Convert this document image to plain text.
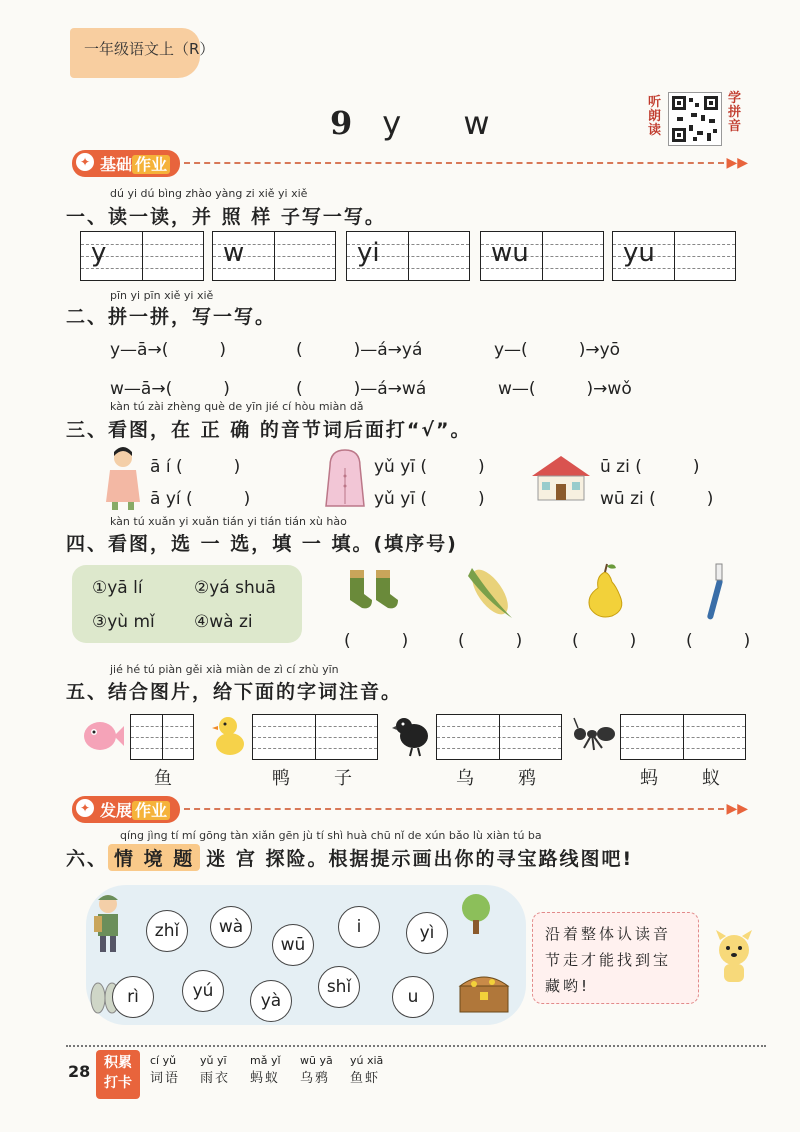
一年级语文上（R）
9 y w
听朗读
学拼音
✦ 基础 作业	▶▶
dú yi dú bìng zhào yàng zi xiě yi xiě
一、读一读，并 照 样 子写一写。
y	w	yi	wu	yu
pīn yi pīn xiě yi xiě
二、拼一拼，写一写。
y—ā→(　　　)	(　　　)—á→yá	y—(　　　)→yō
w—ā→(　　　)	(　　　)—á→wá	w—(　　　)→wǒ
kàn tú zài zhèng què de yīn jié cí hòu miàn dǎ
三、看图，在 正 确 的音节词后面打“√”。
ā í (　　　)
ā yí (　　　)
yǔ yī (　　　)
yǔ yī (　　　)
ū zi (　　　)
wū zi (　　　)
kàn tú xuǎn yi xuǎn tián yi tián tián xù hào
四、看图，选 一 选，填 一 填。(填序号)
①yā lí	②yá shuā
③yù mǐ ④wà zi
(　　　)	(　　　)	(　　　)	(　　　)
jié hé tú piàn gěi xià miàn de zì cí zhù yīn
五、结合图片，给下面的字词注音。
鱼	鸭 子	乌 鸦	蚂 蚁
✦ 发展 作业	▶▶
qíng jìng tí mí gōng tàn xiǎn gēn jù tí shì huà chū nǐ de xún bǎo lù xiàn tú ba
六、 情 境 题 迷 宫 探险。根据提示画出你的寻宝路线图吧!
zhǐ	wà
wū
i	yì
rì	yú	yà
shǐ	u
沿着整体认读音节走才能找到宝藏哟!
28 积累
打卡
cí yǔ
词语
yǔ yī
雨衣
mǎ yǐ
蚂蚁
wū yā
乌鸦
yú xiā
鱼虾
